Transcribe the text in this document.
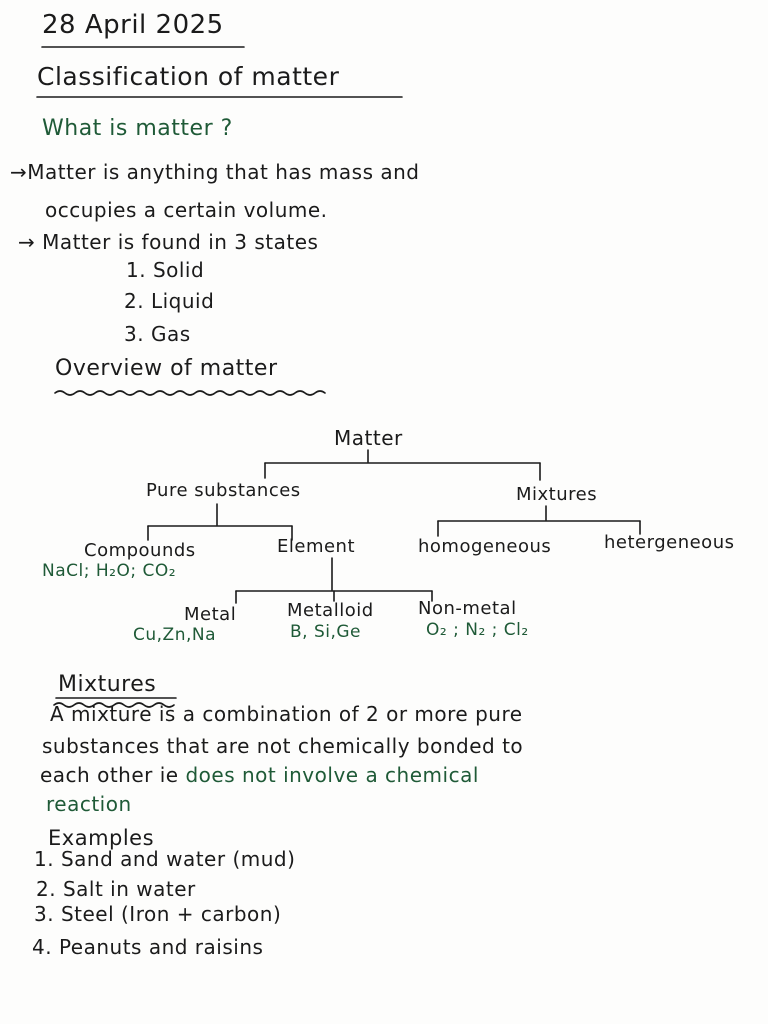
28 April 2025
Classification of matter

What is matter ?

→Matter is anything that has mass and

occupies a certain volume.

→ Matter is found in 3 states

1. Solid

2. Liquid

3. Gas

Overview of matter
Matter
Pure substances	Mixtures
Compounds
NaCl; H₂O; CO₂
Element	homogeneous	hetergeneous
Metal
Cu,Zn,Na
Metalloid
B, Si,Ge
Non-metal
O₂ ; N₂ ; Cl₂
Mixtures

A mixture is a combination of 2 or more pure

substances that are not chemically bonded to

each other ie does not involve a chemical

reaction

Examples

1. Sand and water (mud)

2. Salt in water

3. Steel (Iron + carbon)

4. Peanuts and raisins
